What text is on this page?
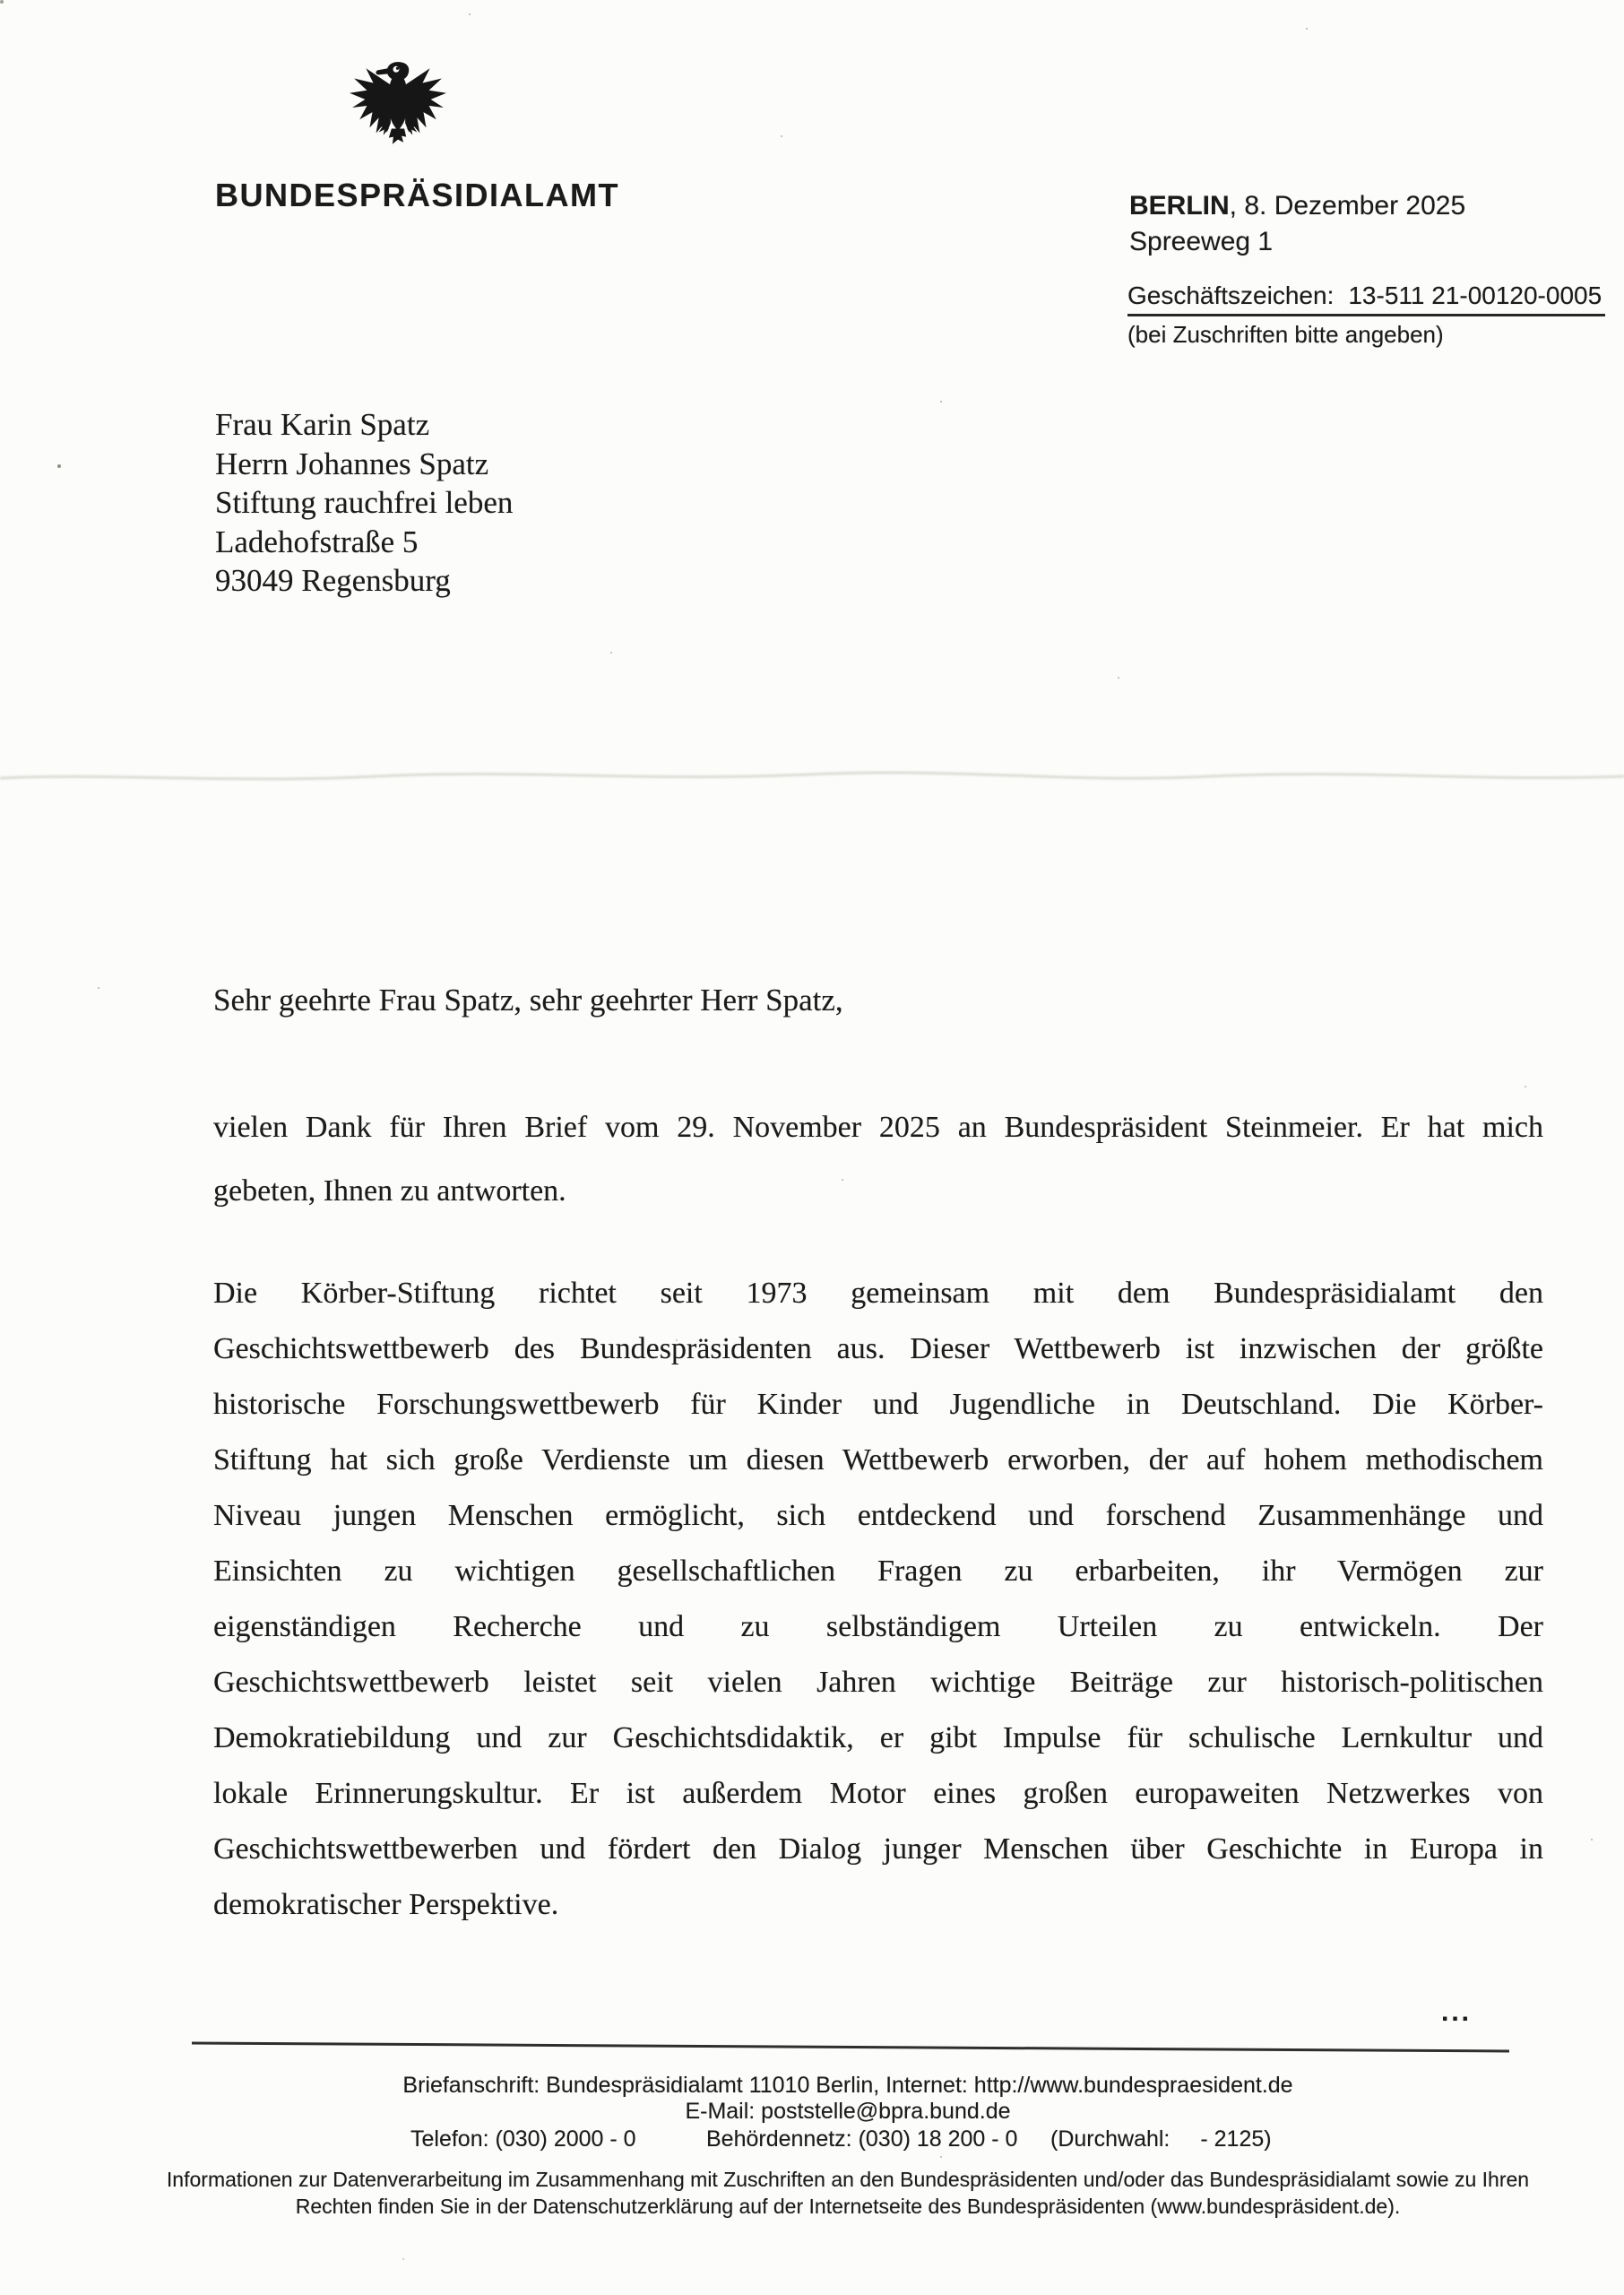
BUNDESPRÄSIDIALAMT	BERLIN, 8. Dezember 2025
Spreeweg 1
Geschäftszeichen: 13-511 21-00120-0005
(bei Zuschriften bitte angeben)
Frau Karin Spatz
Herrn Johannes Spatz
Stiftung rauchfrei leben
Ladehofstraße 5
93049 Regensburg
Sehr geehrte Frau Spatz, sehr geehrter Herr Spatz,
vielen Dank für Ihren Brief vom 29. November 2025 an Bundespräsident Steinmeier. Er hat mich
gebeten, Ihnen zu antworten.
Die Körber-Stiftung richtet seit 1973 gemeinsam mit dem Bundespräsidialamt den
Geschichtswettbewerb des Bundespräsidenten aus. Dieser Wettbewerb ist inzwischen der größte
historische Forschungswettbewerb für Kinder und Jugendliche in Deutschland. Die Körber-
Stiftung hat sich große Verdienste um diesen Wettbewerb erworben, der auf hohem methodischem
Niveau jungen Menschen ermöglicht, sich entdeckend und forschend Zusammenhänge und
Einsichten zu wichtigen gesellschaftlichen Fragen zu erbarbeiten, ihr Vermögen zur
eigenständigen Recherche und zu selbständigem Urteilen zu entwickeln. Der
Geschichtswettbewerb leistet seit vielen Jahren wichtige Beiträge zur historisch-politischen
Demokratiebildung und zur Geschichtsdidaktik, er gibt Impulse für schulische Lernkultur und
lokale Erinnerungskultur. Er ist außerdem Motor eines großen europaweiten Netzwerkes von
Geschichtswettbewerben und fördert den Dialog junger Menschen über Geschichte in Europa in
demokratischer Perspektive.
...
Briefanschrift: Bundespräsidialamt 11010 Berlin, Internet: http://www.bundespraesident.de
E-Mail: poststelle@bpra.bund.de
Telefon: (030) 2000 - 0	Behördennetz: (030) 18 200 - 0 (Durchwahl: - 2125)
Informationen zur Datenverarbeitung im Zusammenhang mit Zuschriften an den Bundespräsidenten und/oder das Bundespräsidialamt sowie zu Ihren
Rechten finden Sie in der Datenschutzerklärung auf der Internetseite des Bundespräsidenten (www.bundespräsident.de).
